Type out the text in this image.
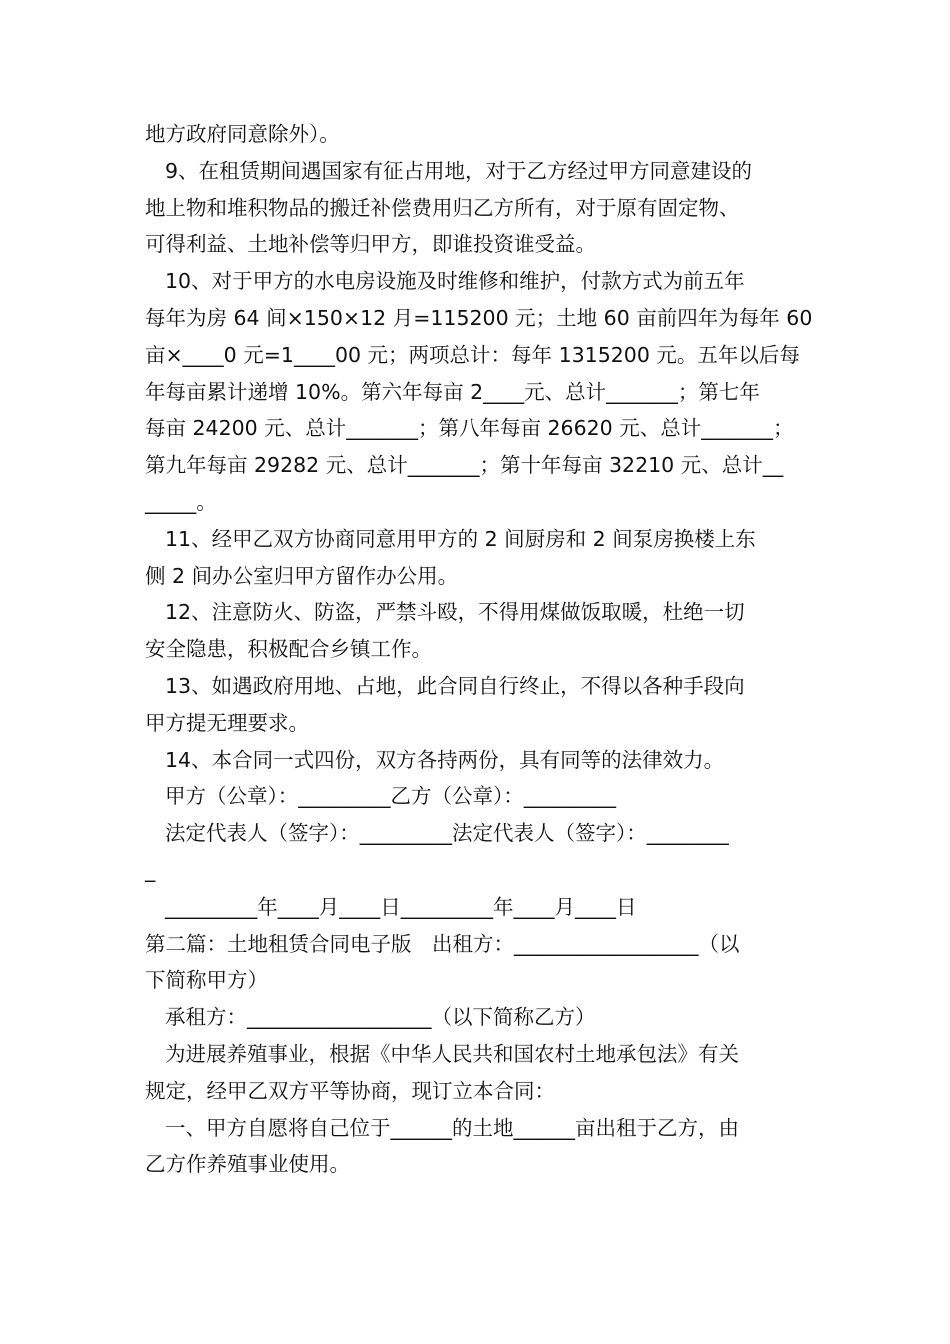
地方政府同意除外）。

9、在租赁期间遇国家有征占用地，对于乙方经过甲方同意建设的

地上物和堆积物品的搬迁补偿费用归乙方所有，对于原有固定物、

可得利益、土地补偿等归甲方，即谁投资谁受益。

10、对于甲方的水电房设施及时维修和维护，付款方式为前五年

每年为房 64 间×150×12 月=115200 元；土地 60 亩前四年为每年 60

亩×____0 元=1____00 元；两项总计：每年 1315200 元。五年以后每

年每亩累计递增 10%。第六年每亩 2____元、总计_______；第七年

每亩 24200 元、总计_______；第八年每亩 26620 元、总计_______；

第九年每亩 29282 元、总计_______；第十年每亩 32210 元、总计__

_____。

11、经甲乙双方协商同意用甲方的 2 间厨房和 2 间泵房换楼上东

侧 2 间办公室归甲方留作办公用。

12、注意防火、防盗，严禁斗殴，不得用煤做饭取暖，杜绝一切

安全隐患，积极配合乡镇工作。

13、如遇政府用地、占地，此合同自行终止，不得以各种手段向

甲方提无理要求。

14、本合同一式四份，双方各持两份，具有同等的法律效力。

甲方（公章）：_________乙方（公章）：_________

法定代表人（签字）：_________法定代表人（签字）：________

_

_________年____月____日_________年____月____日

第二篇：土地租赁合同电子版　出租方：__________________（以

下简称甲方）

承租方：__________________（以下简称乙方）

为进展养殖事业，根据《中华人民共和国农村土地承包法》有关

规定，经甲乙双方平等协商，现订立本合同：

一、甲方自愿将自己位于______的土地______亩出租于乙方，由

乙方作养殖事业使用。
